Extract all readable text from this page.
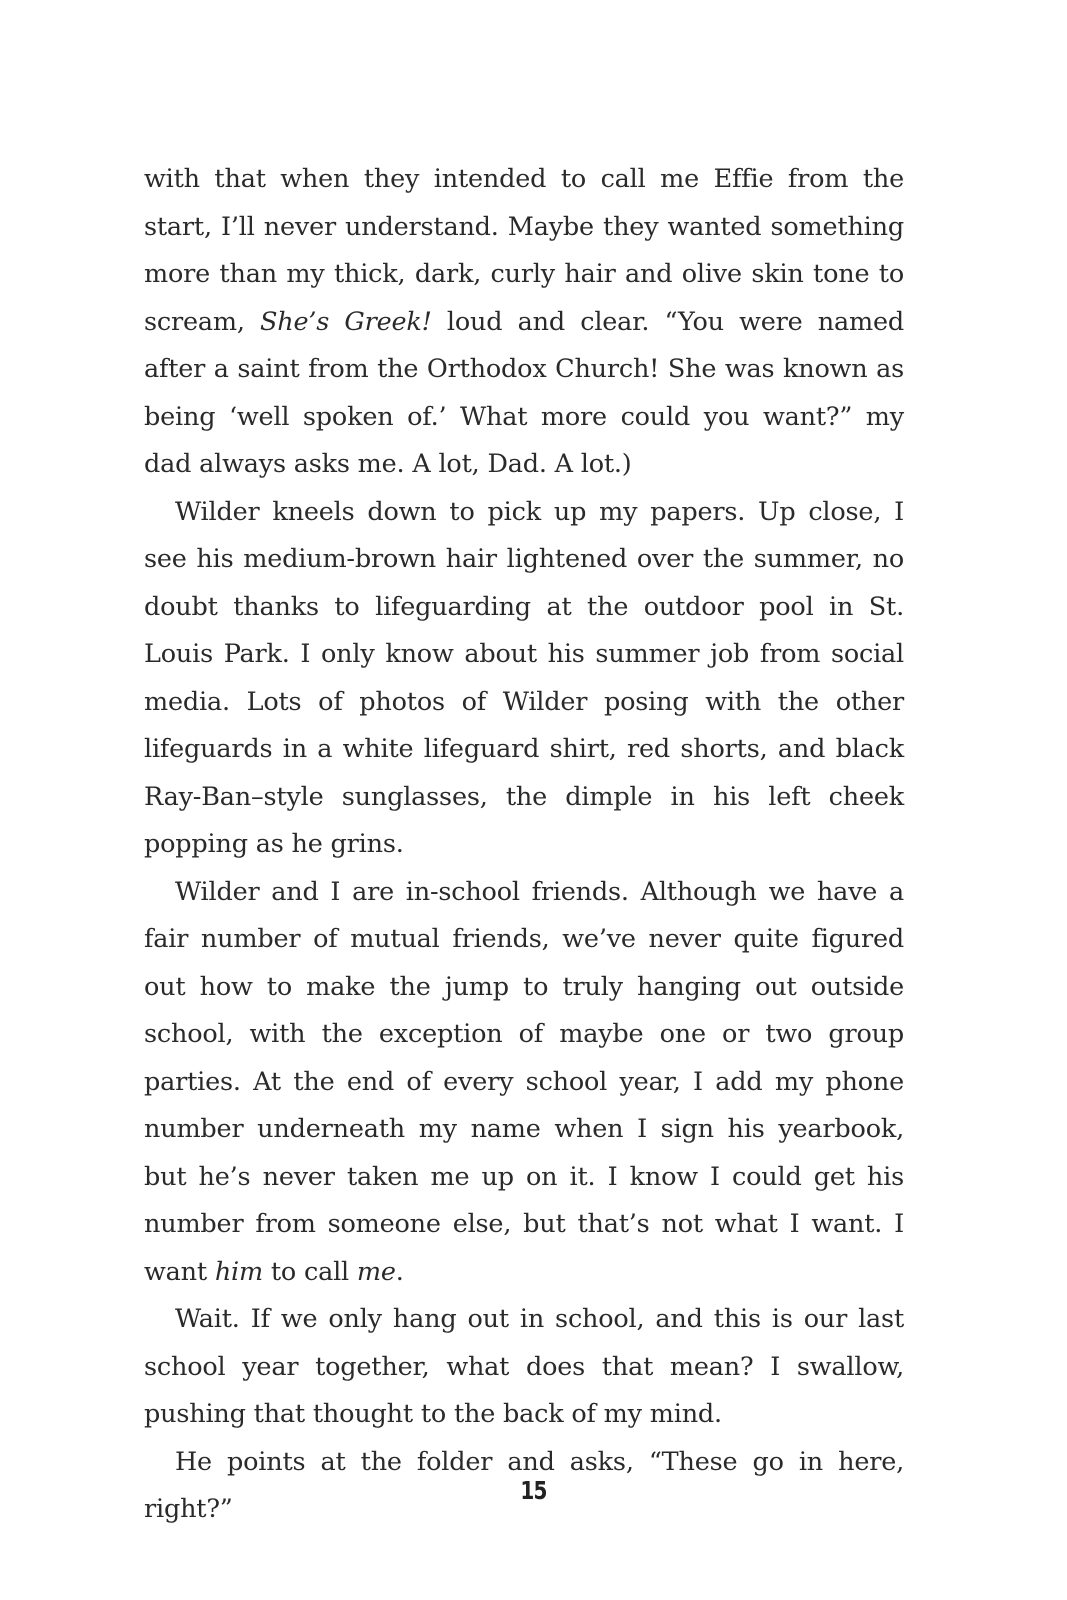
with that when they intended to call me Effie from the start, I’ll never understand. Maybe they wanted something more than my thick, dark, curly hair and olive skin tone to scream, She’s Greek! loud and clear. “You were named after a saint from the Orthodox Church! She was known as being ‘well spoken of.’ What more could you want?” my dad always asks me. A lot, Dad. A lot.)

Wilder kneels down to pick up my papers. Up close, I see his medium-brown hair lightened over the summer, no doubt thanks to lifeguarding at the outdoor pool in St. Louis Park. I only know about his summer job from social media. Lots of photos of Wilder posing with the other lifeguards in a white lifeguard shirt, red shorts, and black Ray-Ban–style sunglasses, the dimple in his left cheek popping as he grins.

Wilder and I are in-school friends. Although we have a fair number of mutual friends, we’ve never quite figured out how to make the jump to truly hanging out outside school, with the exception of maybe one or two group parties. At the end of every school year, I add my phone number underneath my name when I sign his yearbook, but he’s never taken me up on it. I know I could get his number from someone else, but that’s not what I want. I want him to call me.

Wait. If we only hang out in school, and this is our last school year together, what does that mean? I swallow, pushing that thought to the back of my mind.

He points at the folder and asks, “These go in here, right?”

15
